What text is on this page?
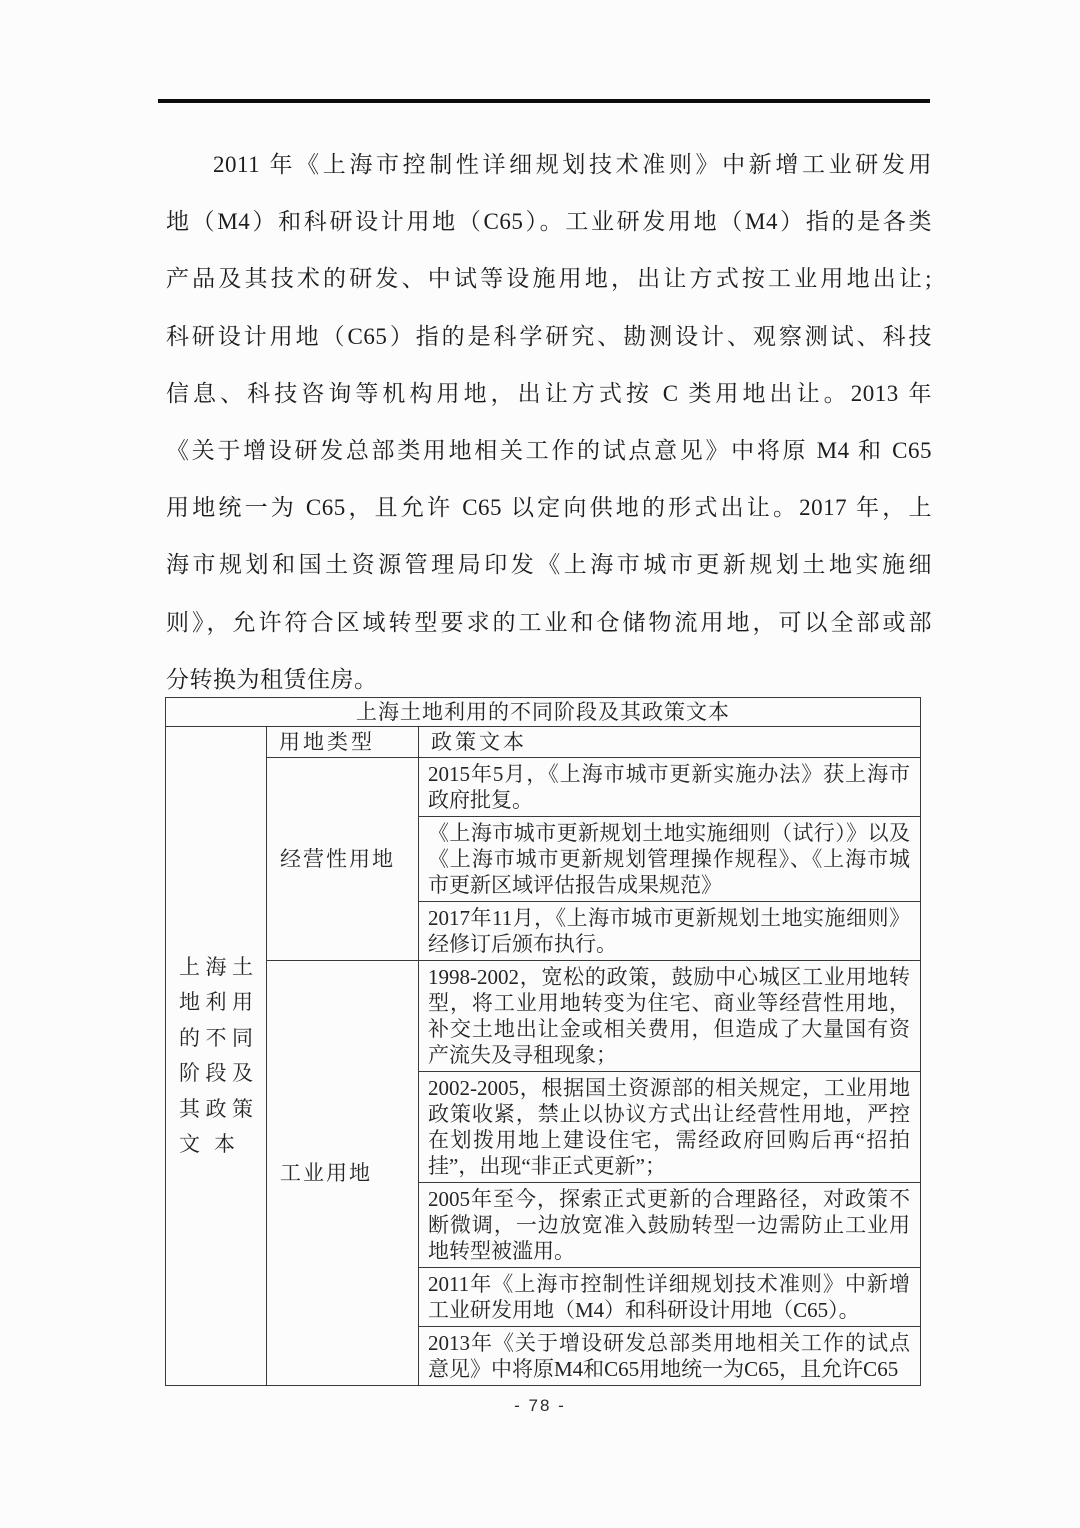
2011 年《上海市控制性详细规划技术准则》中新增工业研发用
地（M4）和科研设计用地（C65）。工业研发用地（M4）指的是各类
产品及其技术的研发、中试等设施用地，出让方式按工业用地出让;
科研设计用地（C65）指的是科学研究、勘测设计、观察测试、科技
信息、科技咨询等机构用地，出让方式按 C 类用地出让。2013 年
《关于增设研发总部类用地相关工作的试点意见》中将原 M4 和 C65
用地统一为 C65，且允许 C65 以定向供地的形式出让。2017 年，上
海市规划和国土资源管理局印发《上海市城市更新规划土地实施细
则》，允许符合区域转型要求的工业和仓储物流用地，可以全部或部
分转换为租赁住房。
上海土地利用的不同阶段及其政策文本		

上海土
地利用
的不同
阶段及
其政策
文本
	用地类型	政策文本
	经营性用地	2015年5月，《上海市城市更新实施办法》获上海市政府批复。
		《上海市城市更新规划土地实施细则（试行）》以及《上海市城市更新规划管理操作规程》、《上海市城市更新区域评估报告成果规范》
		2017年11月，《上海市城市更新规划土地实施细则》经修订后颁布执行。
	工业用地	1998-2002，宽松的政策，鼓励中心城区工业用地转型，将工业用地转变为住宅、商业等经营性用地，补交土地出让金或相关费用，但造成了大量国有资产流失及寻租现象；
		2002-2005，根据国土资源部的相关规定，工业用地政策收紧，禁止以协议方式出让经营性用地，严控在划拨用地上建设住宅，需经政府回购后再“招拍挂”，出现“非正式更新”；
		2005年至今，探索正式更新的合理路径，对政策不断微调，一边放宽准入鼓励转型一边需防止工业用地转型被滥用。
		2011年《上海市控制性详细规划技术准则》中新增工业研发用地（M4）和科研设计用地（C65）。
		2013年《关于增设研发总部类用地相关工作的试点意见》中将原M4和C65用地统一为C65，且允许C65
- 78 -
